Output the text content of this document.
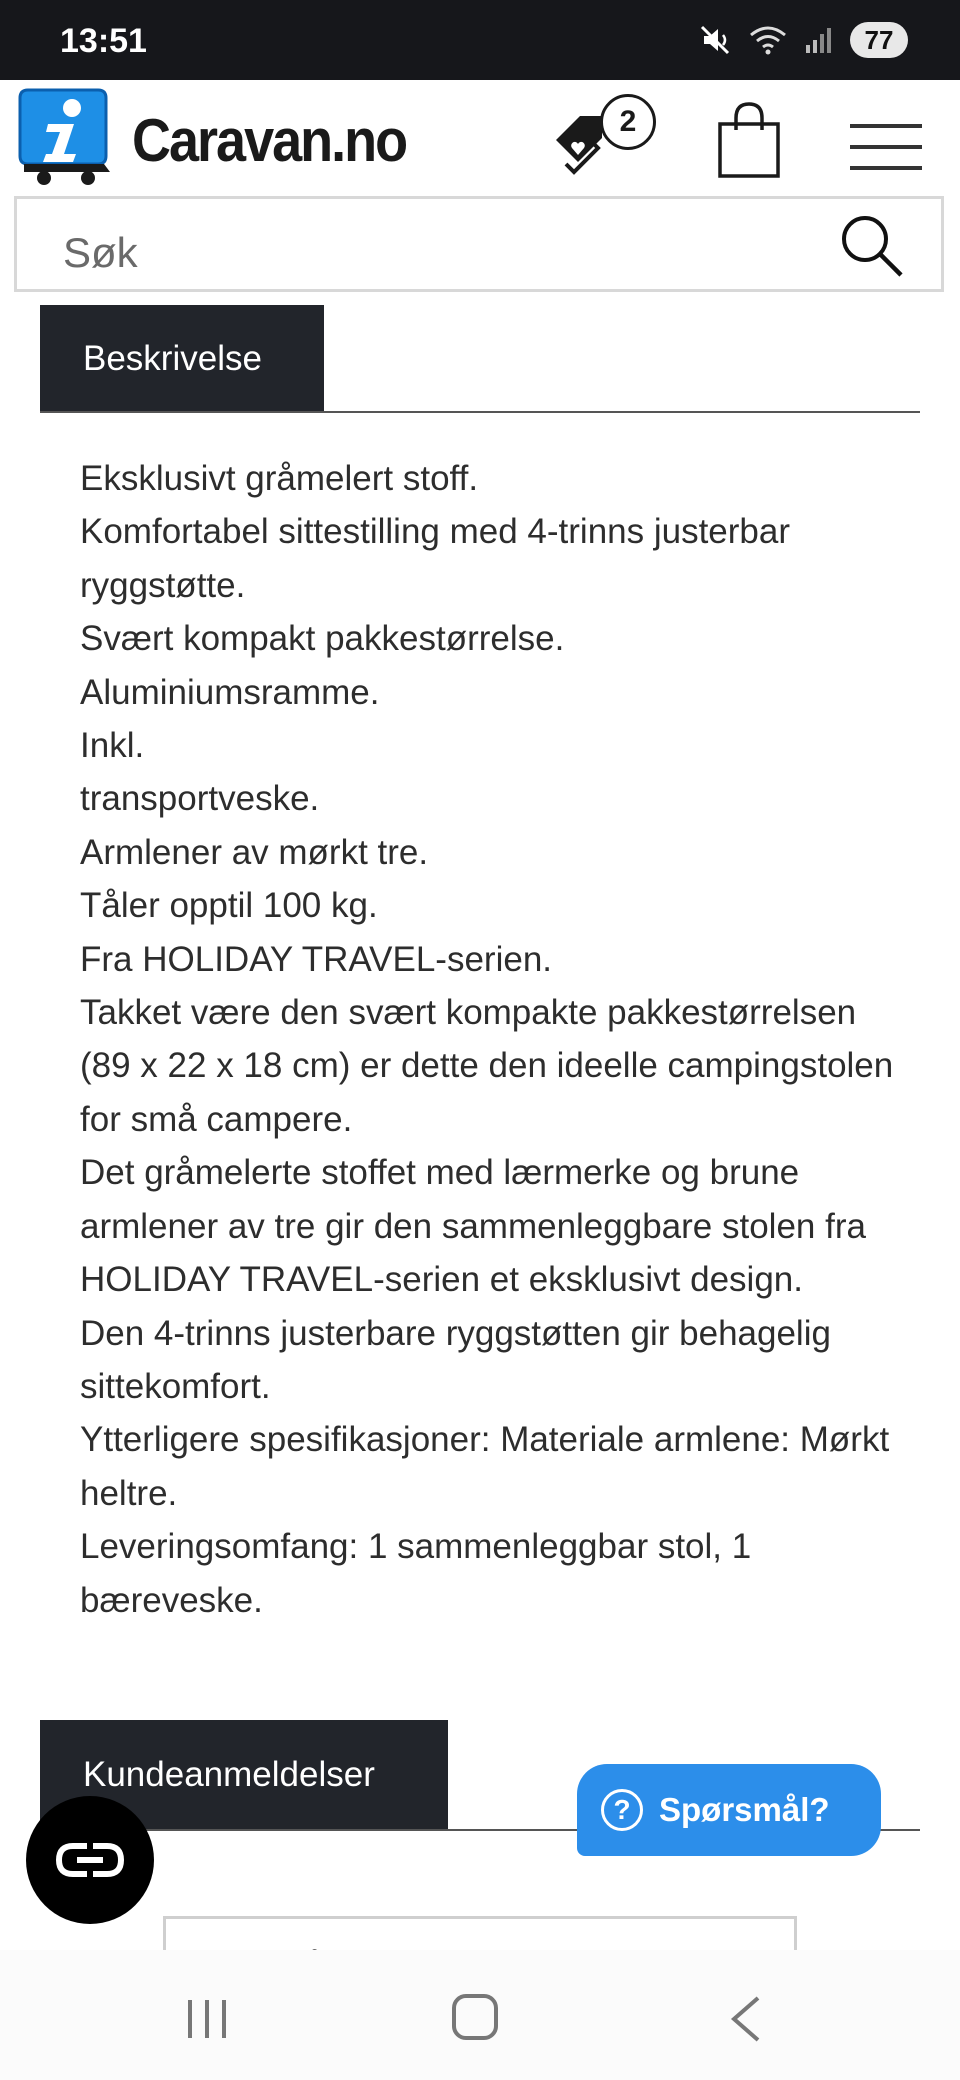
13:51	77
Caravan.no	2
Søk
Beskrivelse

Eksklusivt gråmelert stoff.

Komfortabel sittestilling med 4-trinns justerbar ryggstøtte.

Svært kompakt pakkestørrelse.

Aluminiumsramme.

Inkl.

transportveske.

Armlener av mørkt tre.

Tåler opptil 100 kg.

Fra HOLIDAY TRAVEL-serien.

Takket være den svært kompakte pakkestørrelsen (89 x 22 x 18 cm) er dette den ideelle campingstolen for små campere.

Det gråmelerte stoffet med lærmerke og brune armlener av tre gir den sammenleggbare stolen fra HOLIDAY TRAVEL-serien et eksklusivt design.

Den 4-trinns justerbare ryggstøtten gir behagelig sittekomfort.

Ytterligere spesifikasjoner: Materiale armlene: Mørkt heltre.

Leveringsomfang: 1 sammenleggbar stol, 1 bæreveske.

Kundeanmeldelser
? Spørsmål?
